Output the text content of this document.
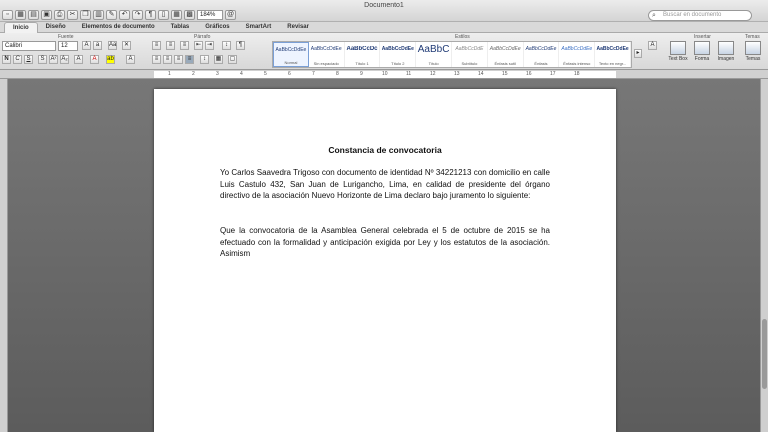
Documento1
▫	▦ ▤ ▣ ⎙	✂ ❐ ▥ ✎	↶	↷	¶	▯	▦ ▩	184%	@	⌕ Buscar en documento
Inicio	Diseño	Elementos de documento	Tablas	Gráficos	SmartArt	Revisar
Fuente	Párrafo	Estilos	Insertar	Temas
Calibri	12	A	a	Aa	✕
N	C	S	S	A² A₂	A	A	ab	A
≡	≡	≡	⇤ ⇥	↕	¶
≡	≡	≡	≡	↕	▦ ▢
AaBbCcDdEe
Normal
AaBbCcDdEe
Sin espaciado
AaBbCcDc
Título 1
AaBbCcDdEe
Título 2
AaBbC
Título
AaBbCcDdE
Subtítulo
AaBbCcDdEe
Énfasis sutil
AaBbCcDdEe
Énfasis
AaBbCcDdEe
Énfasis intenso
AaBbCcDdEe
Texto en negr...
▸
A
Text Box	Forma	Imagen	Temas
1	2	3	4	5	6	7	8	9	10	11	12	13	14	15	16	17	18
Constancia de convocatoria
Yo Carlos Saavedra Trigoso con documento de identidad Nº 34221213 con domicilio en calle Luis Castulo 432, San Juan de Lurigancho, Lima, en calidad de presidente del órgano directivo de la asociación Nuevo Horizonte de Lima declaro bajo juramento lo siguiente:
Que la convocatoria de la Asamblea General celebrada el 5 de octubre de 2015 se ha efectuado con la formalidad y anticipación exigida por Ley y los estatutos de la asociación. Asimism
